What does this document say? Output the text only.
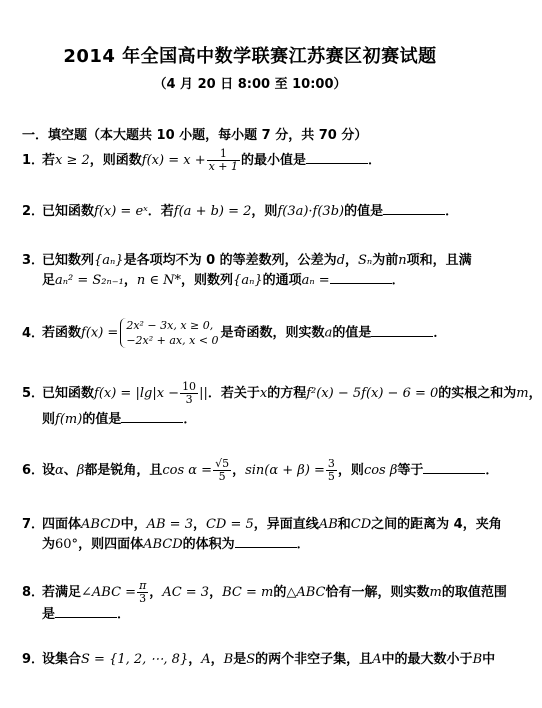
2014 年全国高中数学联赛江苏赛区初赛试题
（4 月 20 日 8:00 至 10:00）
一．填空题（本大题共 10 小题，每小题 7 分，共 70 分）
1．若x ≥ 2，则函数$f(x) = x + \frac{1}{x + 1}$ 的最小值是	．
2．已知函数f(x) = eˣ．若f(a + b) = 2，则f(3a)·f(3b)的值是	．
3．已知数列{aₙ}是各项均不为 0 的等差数列，公差为d，Sₙ为前n项和，且满
足aₙ² = S₂ₙ₋₁，n ∈ N*，则数列{aₙ}的通项aₙ =	．
4．若函数f(x) = 2x² − 3x, x ≥ 0,
−2x² + ax, x < 0 是奇函数，则实数a的值是	．
5．已知函数$f(x) = |\lg|x - \frac{10}{3}$ ||．若关于x的方程f²(x) − 5f(x) − 6 = 0的实根之和为m，
则f(m)的值是	．
6．设α、β都是锐角，且$\cos \alpha = \frac{√5}{5}$ ，$\sin(\alpha + \beta) = \frac{3}{5}$ ，则cos β等于	．
7．四面体ABCD中，AB = 3，CD = 5，异面直线AB和CD之间的距离为 4，夹角
为60°，则四面体ABCD的体积为	．
8．若满足∠ABC = $\frac{\pi}{3}$ ，AC = 3，BC = m的△ABC恰有一解，则实数m的取值范围
是	．
9．设集合S = {1, 2, ⋯, 8}，A，B是S的两个非空子集，且A中的最大数小于B中
